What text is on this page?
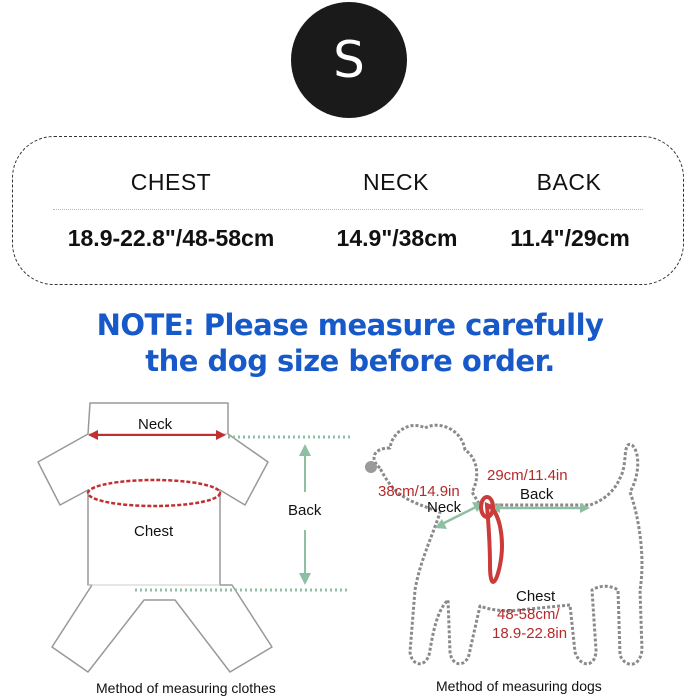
S
CHEST	NECK	BACK
18.9-22.8"/48-58cm	14.9"/38cm 11.4"/29cm
NOTE: Please measure carefully
the dog size before order.
Neck
Chest
Back
Method of measuring clothes
29cm/11.4in
Back
38cm/14.9in
Neck
Chest
48-58cm/
18.9-22.8in
Method of measuring dogs
